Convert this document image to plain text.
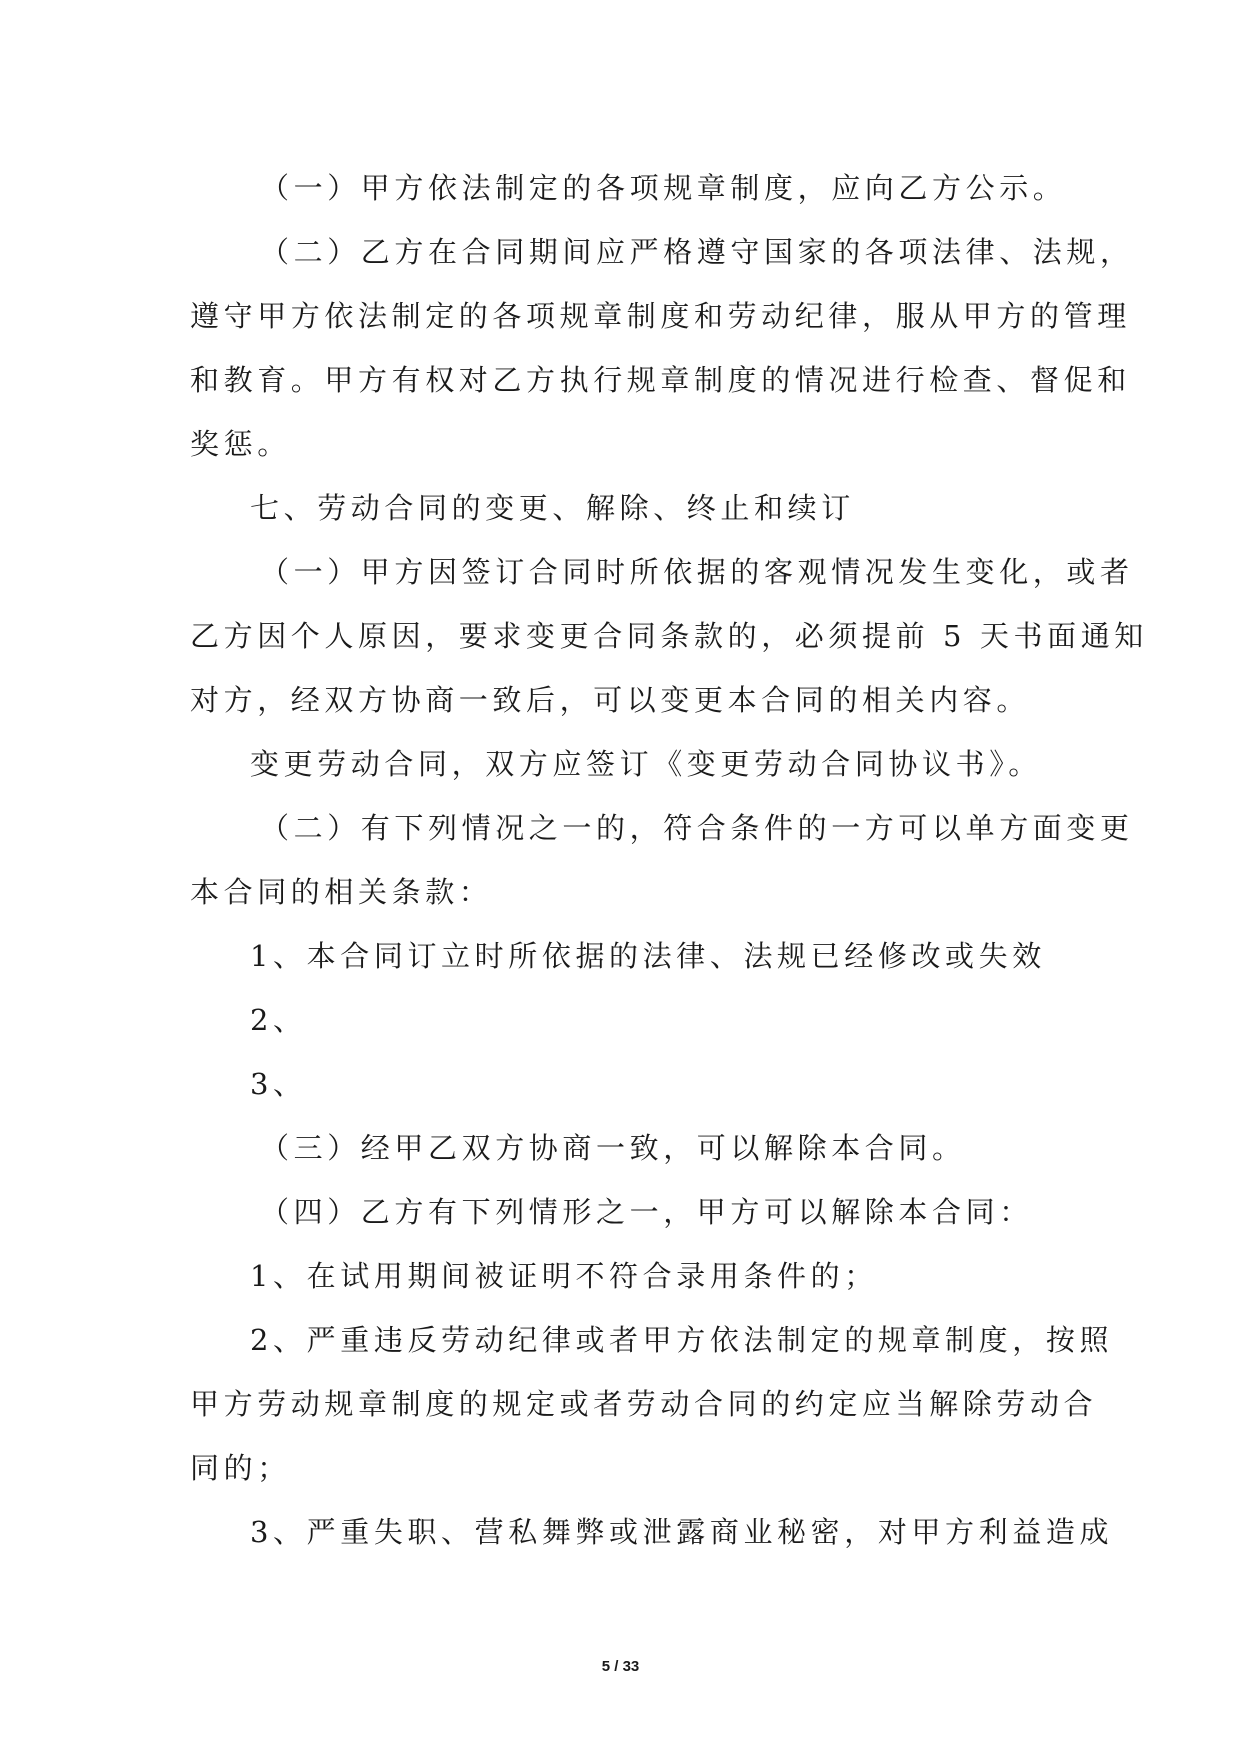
（一）甲方依法制定的各项规章制度，应向乙方公示。
（二）乙方在合同期间应严格遵守国家的各项法律、法规，
遵守甲方依法制定的各项规章制度和劳动纪律，服从甲方的管理
和教育。甲方有权对乙方执行规章制度的情况进行检查、督促和
奖惩。
七、劳动合同的变更、解除、终止和续订
（一）甲方因签订合同时所依据的客观情况发生变化，或者
乙方因个人原因，要求变更合同条款的，必须提前 5 天书面通知
对方，经双方协商一致后，可以变更本合同的相关内容。
变更劳动合同，双方应签订《变更劳动合同协议书》。
（二）有下列情况之一的，符合条件的一方可以单方面变更
本合同的相关条款：
1、本合同订立时所依据的法律、法规已经修改或失效
2、
3、
（三）经甲乙双方协商一致，可以解除本合同。
（四）乙方有下列情形之一，甲方可以解除本合同：
1、在试用期间被证明不符合录用条件的；
2、严重违反劳动纪律或者甲方依法制定的规章制度，按照
甲方劳动规章制度的规定或者劳动合同的约定应当解除劳动合
同的；
3、严重失职、营私舞弊或泄露商业秘密，对甲方利益造成
5 / 33
